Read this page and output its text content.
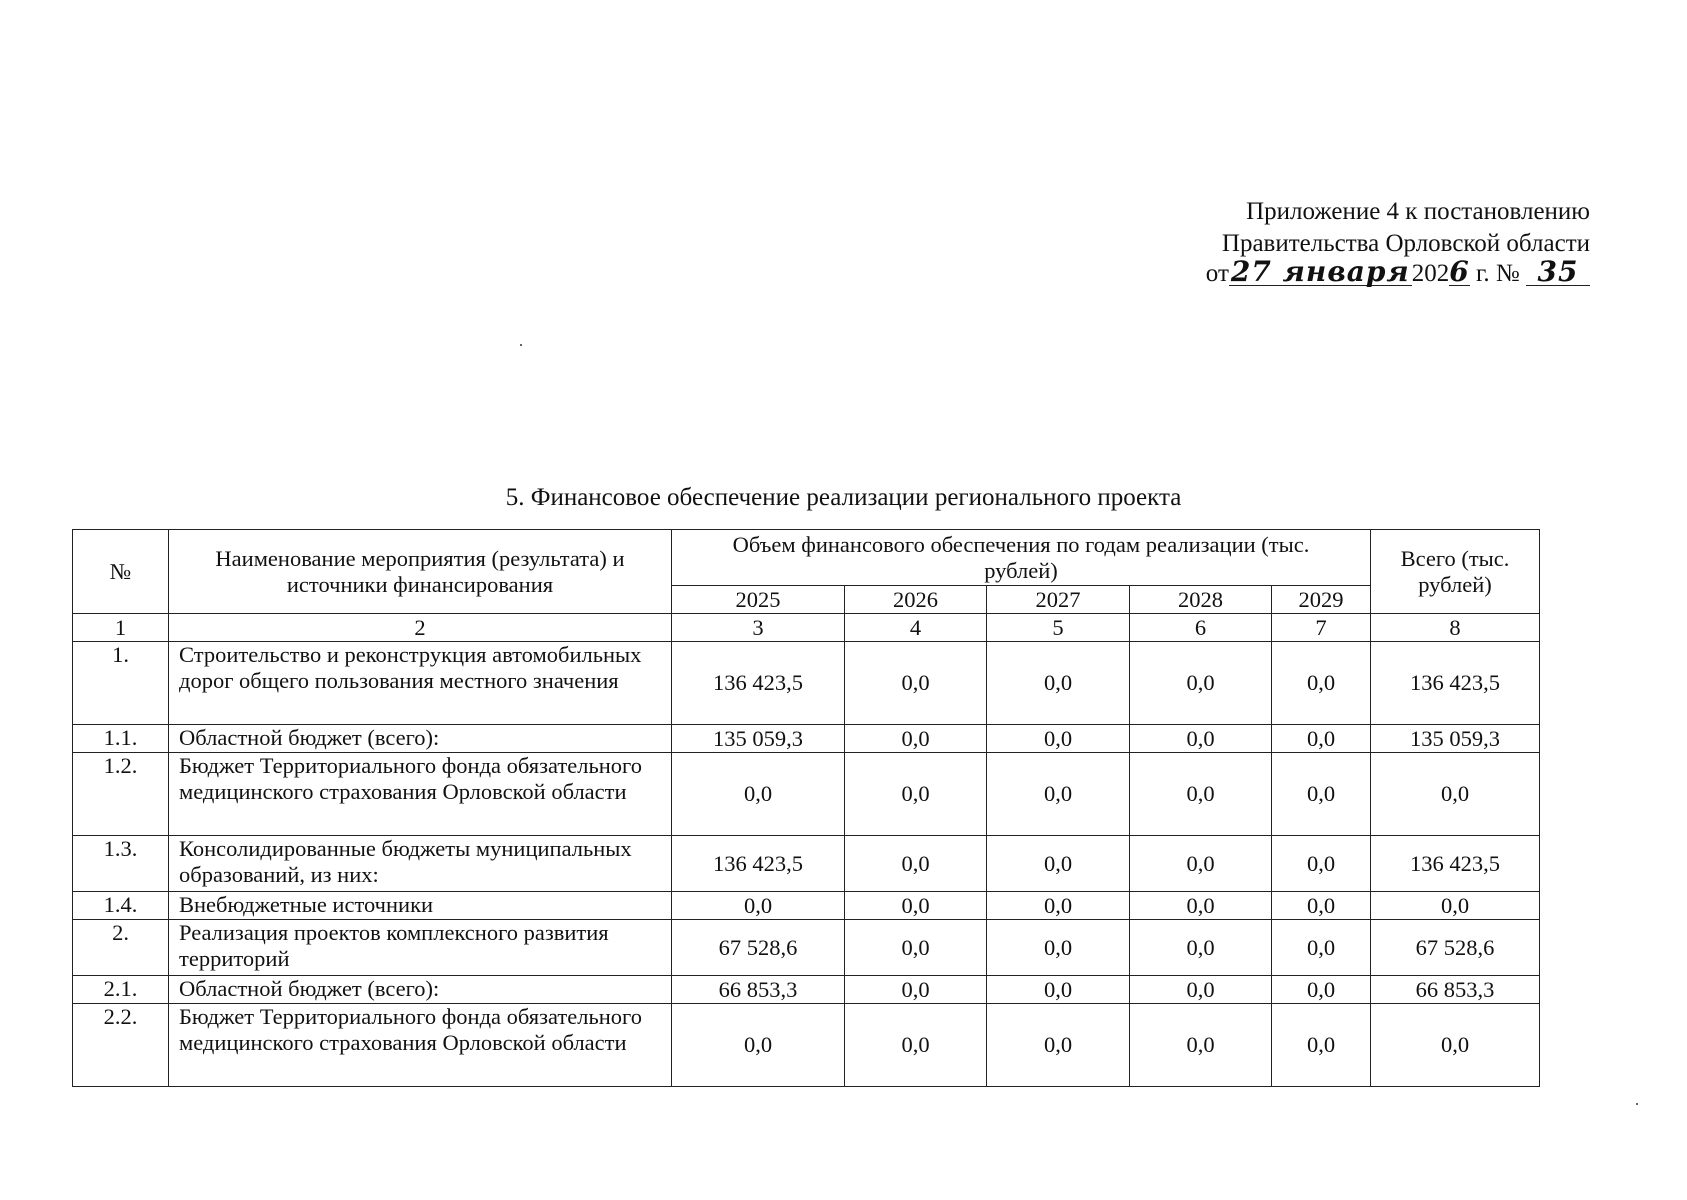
Приложение 4 к постановлению
Правительства Орловской области
от27 января2026 г. № 35
5. Финансовое обеспечение реализации регионального проекта
№	Наименование мероприятия (результата) и источники финансирования	Объем финансового обеспечения по годам реализации (тыс. рублей)					Всего (тыс. рублей)
		2025	2026	2027	2028	2029	
1	2	3	4	5	6	7	8
1.	Строительство и реконструкция автомобильных дорог общего пользования местного значения	136 423,5	0,0	0,0	0,0	0,0	136 423,5
1.1.	Областной бюджет (всего):	135 059,3	0,0	0,0	0,0	0,0	135 059,3
1.2.	Бюджет Территориального фонда обязательного медицинского страхования Орловской области	0,0	0,0	0,0	0,0	0,0	0,0
1.3.	Консолидированные бюджеты муниципальных образований, из них:	136 423,5	0,0	0,0	0,0	0,0	136 423,5
1.4.	Внебюджетные источники	0,0	0,0	0,0	0,0	0,0	0,0
2.	Реализация проектов комплексного развития территорий	67 528,6	0,0	0,0	0,0	0,0	67 528,6
2.1.	Областной бюджет (всего):	66 853,3	0,0	0,0	0,0	0,0	66 853,3
2.2.	Бюджет Территориального фонда обязательного медицинского страхования Орловской области	0,0	0,0	0,0	0,0	0,0	0,0
